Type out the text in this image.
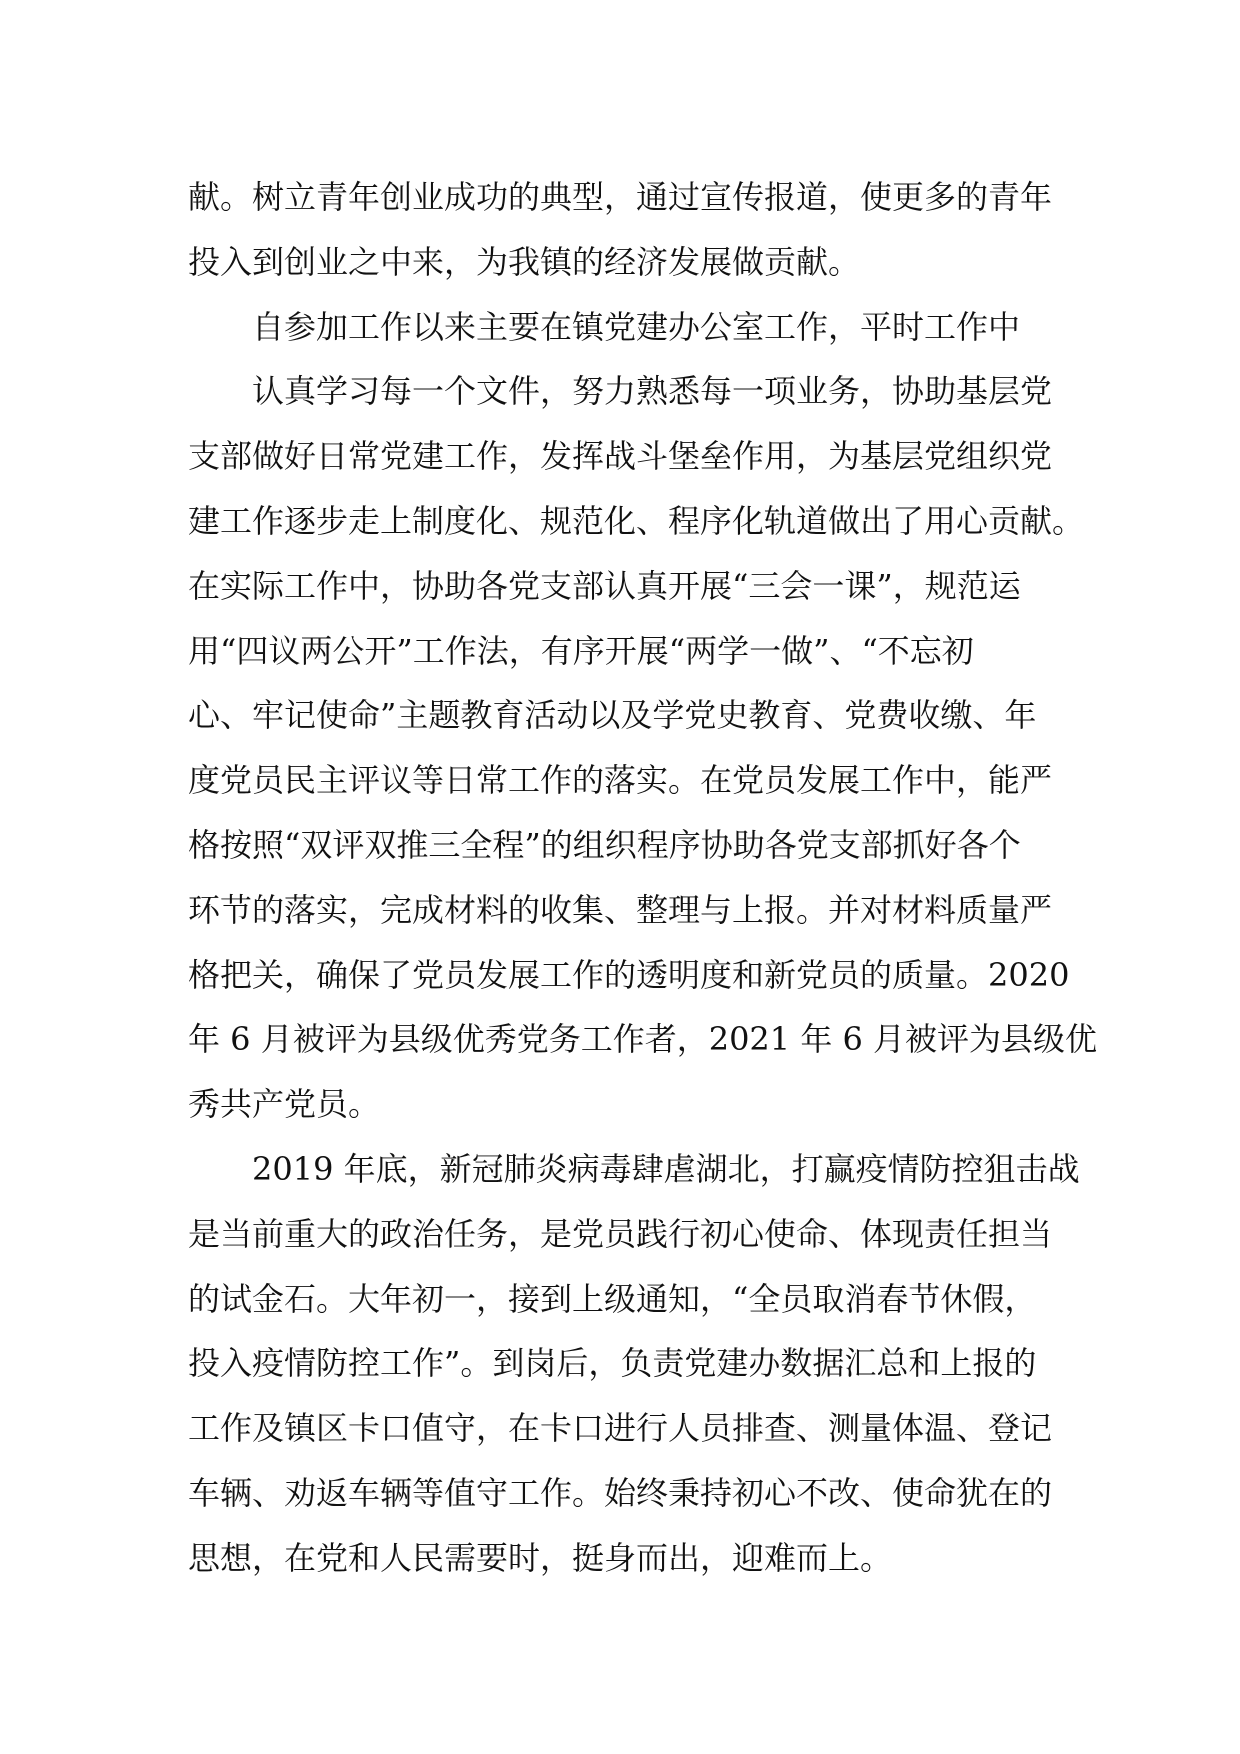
献。树立青年创业成功的典型，通过宣传报道，使更多的青年
投入到创业之中来，为我镇的经济发展做贡献。
自参加工作以来主要在镇党建办公室工作，平时工作中
认真学习每一个文件，努力熟悉每一项业务，协助基层党
支部做好日常党建工作，发挥战斗堡垒作用，为基层党组织党
建工作逐步走上制度化、规范化、程序化轨道做出了用心贡献。
在实际工作中，协助各党支部认真开展“三会一课”，规范运
用“四议两公开”工作法，有序开展“两学一做”、“不忘初
心、牢记使命”主题教育活动以及学党史教育、党费收缴、年
度党员民主评议等日常工作的落实。在党员发展工作中，能严
格按照“双评双推三全程”的组织程序协助各党支部抓好各个
环节的落实，完成材料的收集、整理与上报。并对材料质量严
格把关，确保了党员发展工作的透明度和新党员的质量。2020
年 6 月被评为县级优秀党务工作者，2021 年 6 月被评为县级优
秀共产党员。
2019 年底，新冠肺炎病毒肆虐湖北，打赢疫情防控狙击战
是当前重大的政治任务，是党员践行初心使命、体现责任担当
的试金石。大年初一，接到上级通知，“全员取消春节休假，
投入疫情防控工作”。到岗后，负责党建办数据汇总和上报的
工作及镇区卡口值守，在卡口进行人员排查、测量体温、登记
车辆、劝返车辆等值守工作。始终秉持初心不改、使命犹在的
思想，在党和人民需要时，挺身而出，迎难而上。
